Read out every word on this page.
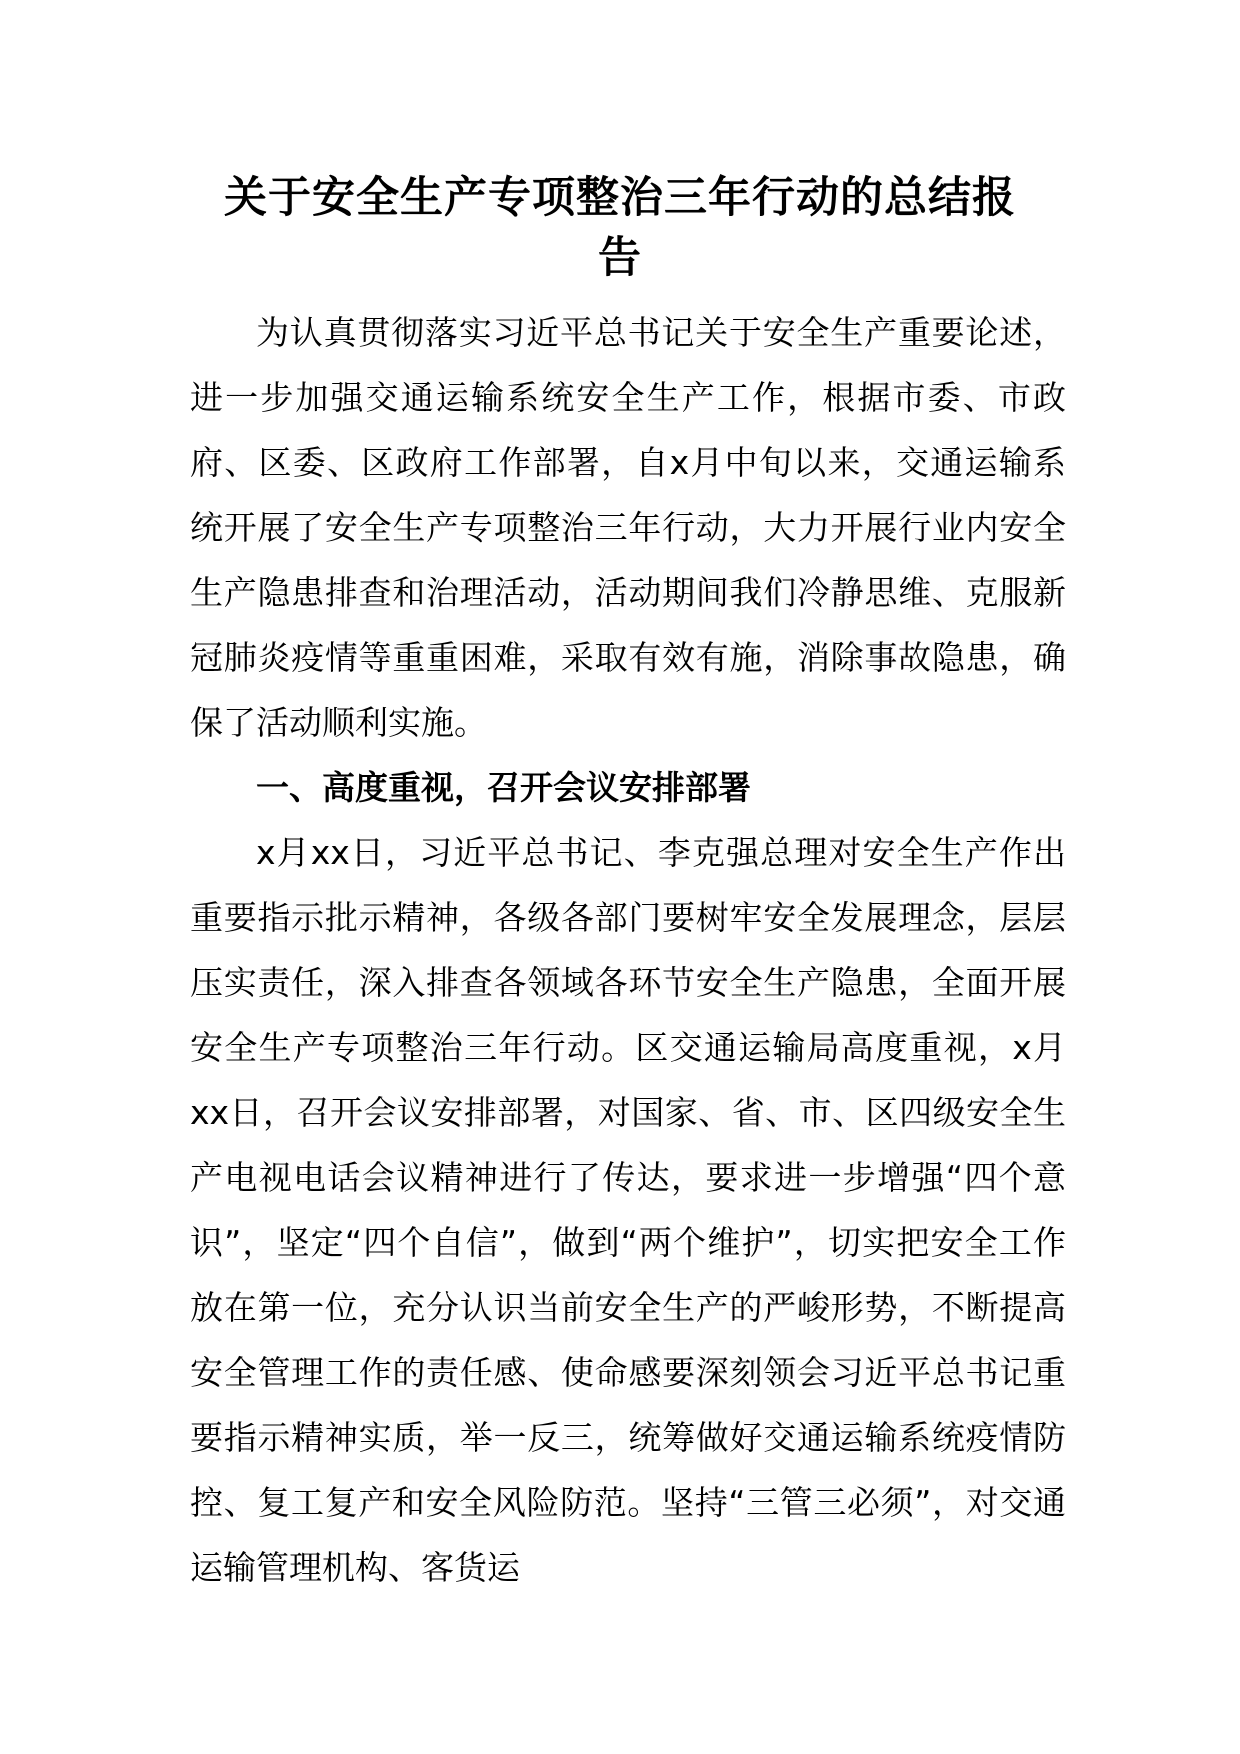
关于安全生产专项整治三年行动的总结报
告

为认真贯彻落实习近平总书记关于安全生产重要论述，进一步加强交通运输系统安全生产工作，根据市委、市政府、区委、区政府工作部署，自x月中旬以来，交通运输系统开展了安全生产专项整治三年行动，大力开展行业内安全生产隐患排查和治理活动，活动期间我们冷静思维、克服新冠肺炎疫情等重重困难，采取有效有施，消除事故隐患，确保了活动顺利实施。

一、高度重视，召开会议安排部署

x月xx日，习近平总书记、李克强总理对安全生产作出重要指示批示精神，各级各部门要树牢安全发展理念，层层压实责任，深入排查各领域各环节安全生产隐患，全面开展安全生产专项整治三年行动。区交通运输局高度重视，x月xx日，召开会议安排部署，对国家、省、市、区四级安全生产电视电话会议精神进行了传达，要求进一步增强“四个意识”，坚定“四个自信”，做到“两个维护”，切实把安全工作放在第一位，充分认识当前安全生产的严峻形势，不断提高安全管理工作的责任感、使命感要深刻领会习近平总书记重要指示精神实质，举一反三，统筹做好交通运输系统疫情防控、复工复产和安全风险防范。坚持“三管三必须”，对交通运输管理机构、客货运
